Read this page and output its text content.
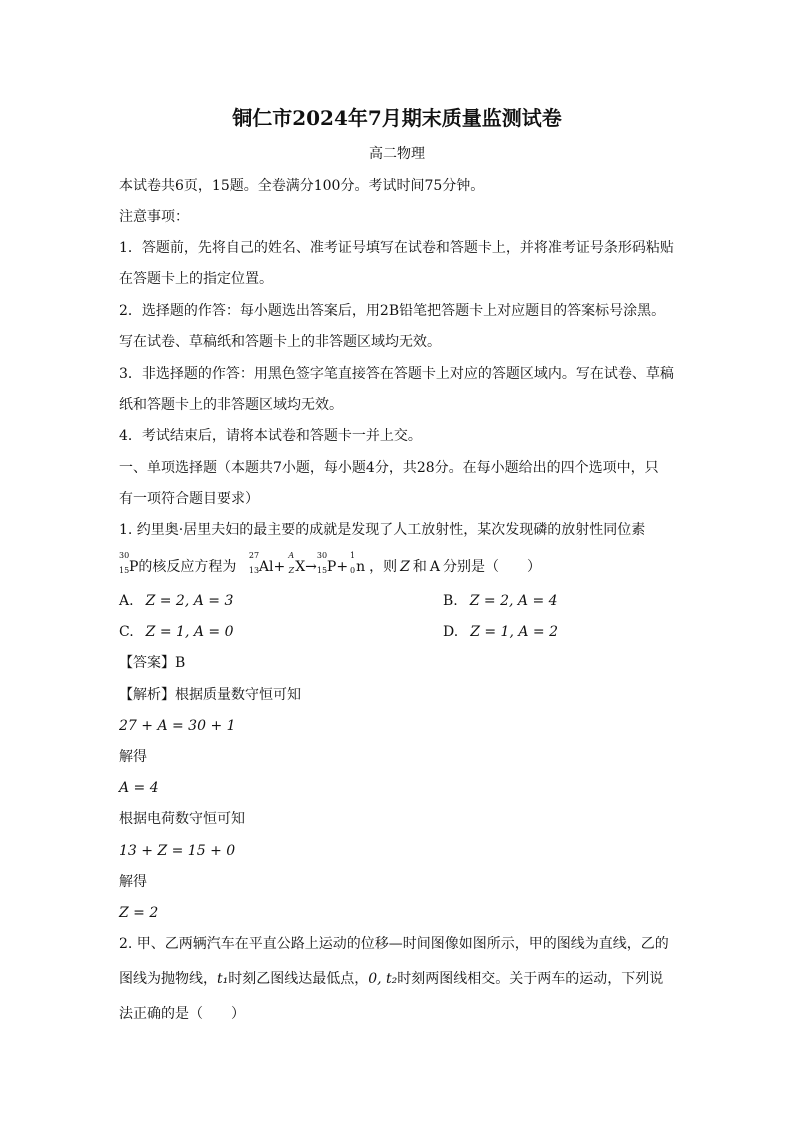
铜仁市2024年7月期末质量监测试卷
高二物理
本试卷共6页，15题。全卷满分100分。考试时间75分钟。
注意事项：
1．答题前，先将自己的姓名、准考证号填写在试卷和答题卡上，并将准考证号条形码粘贴
在答题卡上的指定位置。
2．选择题的作答：每小题选出答案后，用2B铅笔把答题卡上对应题目的答案标号涂黑。
写在试卷、草稿纸和答题卡上的非答题区域均无效。
3．非选择题的作答：用黑色签字笔直接答在答题卡上对应的答题区域内。写在试卷、草稿
纸和答题卡上的非答题区域均无效。
4．考试结束后，请将本试卷和答题卡一并上交。
一、单项选择题（本题共7小题，每小题4分，共28分。在每小题给出的四个选项中，只
有一项符合题目要求）
1. 约里奥·居里夫妇的最主要的成就是发现了人工放射性，某次发现磷的放射性同位素
30
15 P的核反应方程为
27
13 Al+
A
Z X→
30
15 P+
1
0 n ，则 Z 和 A 分别是（　　）
A. Z = 2, A = 3	B. Z = 2, A = 4
C. Z = 1, A = 0	D. Z = 1, A = 2
【答案】B
【解析】根据质量数守恒可知
27 + A = 30 + 1
解得
A = 4
根据电荷数守恒可知
13 + Z = 15 + 0
解得
Z = 2
2. 甲、乙两辆汽车在平直公路上运动的位移—时间图像如图所示，甲的图线为直线，乙的
图线为抛物线，t₁时刻乙图线达最低点，0, t₂时刻两图线相交。关于两车的运动，下列说
法正确的是（　　）
